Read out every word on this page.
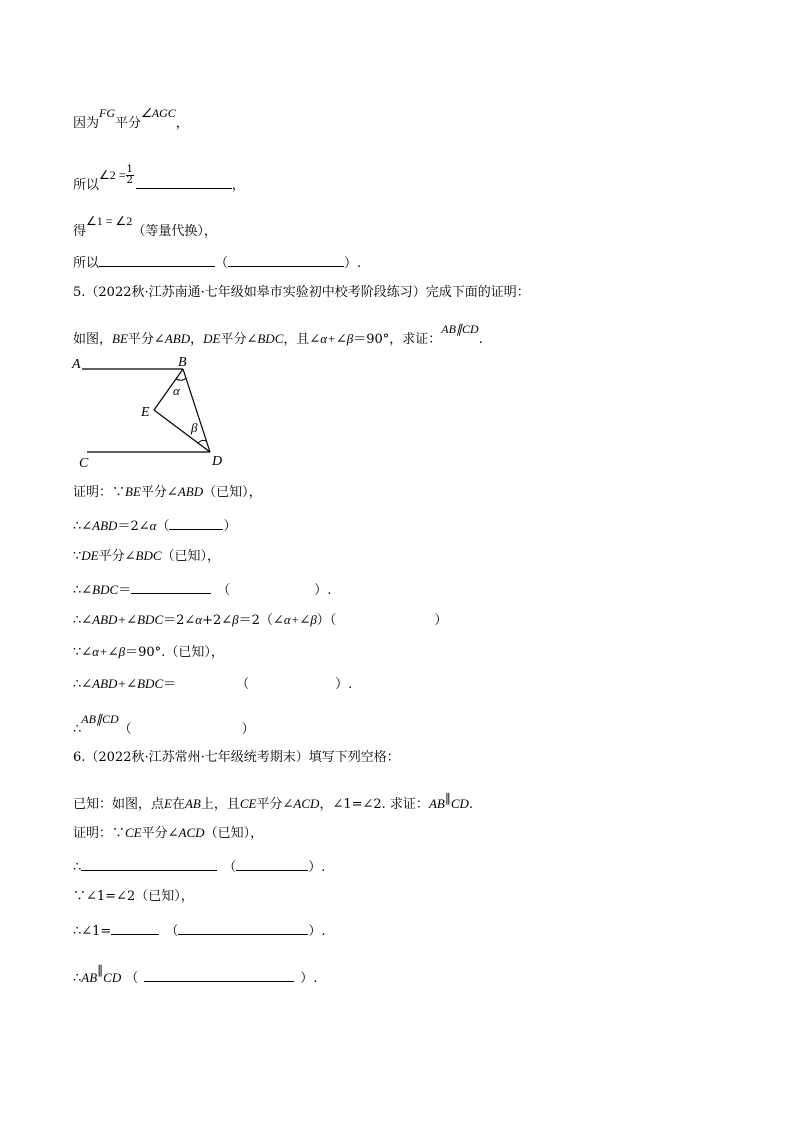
因为FG平分∠AGC，
所以∠2 = $\frac{1}{2}$	，
得∠1 = ∠2（等量代换），
所以	（	）.
5.（2022秋·江苏南通·七年级如皋市实验初中校考阶段练习）完成下面的证明：
如图，BE平分∠ABD，DE平分∠BDC，且∠α+∠β＝90°，求证：AB∥CD.
A	B
C	D
E
α
β
证明：∵BE平分∠ABD（已知），
∴∠ABD＝2∠α（	）
∵DE平分∠BDC（已知），
∴∠BDC＝	（	）.
∴∠ABD+∠BDC＝2∠α+2∠β＝2（∠α+∠β）（	）
∵∠α+∠β＝90°.（已知），
∴∠ABD+∠BDC＝	（	）.
∴AB∥CD（	）
6.（2022秋·江苏常州·七年级统考期末）填写下列空格：
已知：如图，点E在AB上，且CE平分∠ACD，∠1=∠2. 求证：AB∥CD.
证明：∵CE平分∠ACD（已知），
∴	（	）.
∵∠1=∠2（已知），
∴∠1=	（	）.
∴AB∥CD （	）.
